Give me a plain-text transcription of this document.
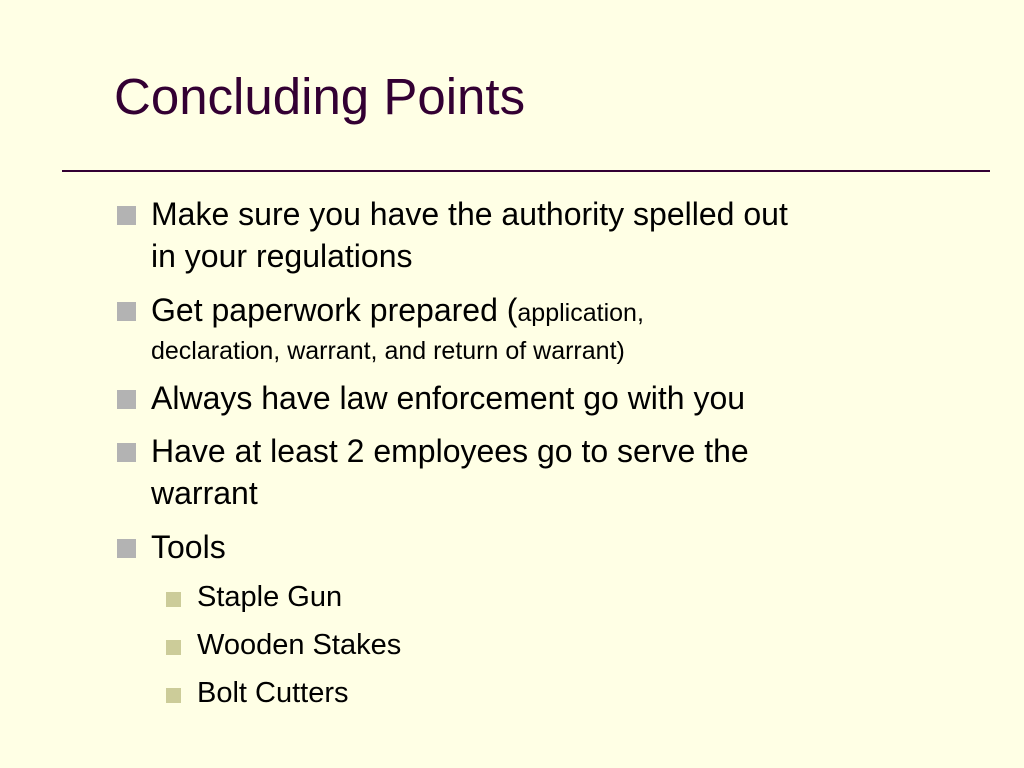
Concluding Points
Make sure you have the authority spelled out
in your regulations
Get paperwork prepared (application,
declaration, warrant, and return of warrant)
Always have law enforcement go with you
Have at least 2 employees go to serve the
warrant
Tools
Staple Gun
Wooden Stakes
Bolt Cutters
